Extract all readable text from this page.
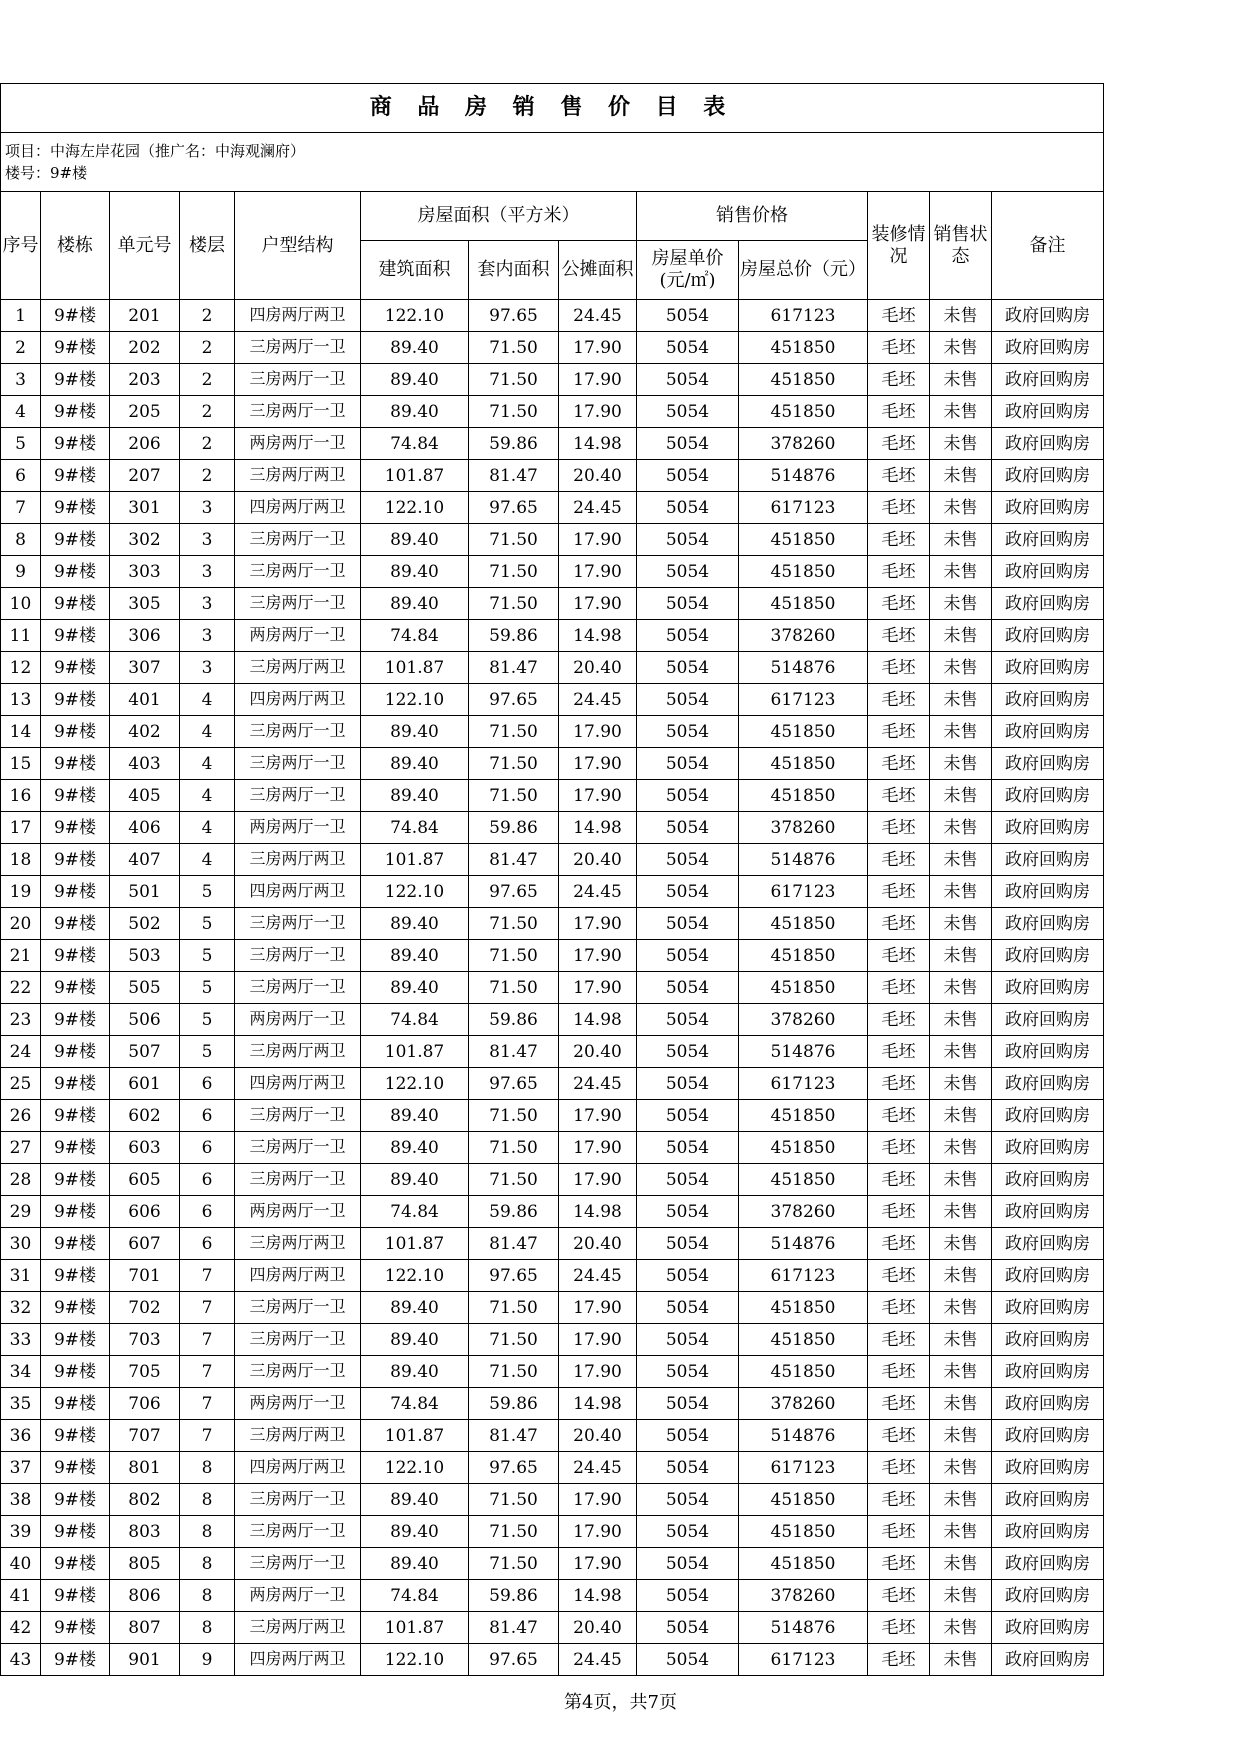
商 品 房 销 售 价 目 表												

项目：中海左岸花园（推广名：中海观澜府）
楼号：9#楼												

序号	楼栋	单元号	楼层	户型结构	房屋面积（平方米）			销售价格		装修情况	销售状态	备注
					建筑面积	套内面积	公摊面积	房屋单价(元/㎡)	房屋总价（元）			
1	9#楼	201	2	四房两厅两卫	122.10	97.65	24.45	5054	617123	毛坯	未售	政府回购房
2	9#楼	202	2	三房两厅一卫	89.40	71.50	17.90	5054	451850	毛坯	未售	政府回购房
3	9#楼	203	2	三房两厅一卫	89.40	71.50	17.90	5054	451850	毛坯	未售	政府回购房
4	9#楼	205	2	三房两厅一卫	89.40	71.50	17.90	5054	451850	毛坯	未售	政府回购房
5	9#楼	206	2	两房两厅一卫	74.84	59.86	14.98	5054	378260	毛坯	未售	政府回购房
6	9#楼	207	2	三房两厅两卫	101.87	81.47	20.40	5054	514876	毛坯	未售	政府回购房
7	9#楼	301	3	四房两厅两卫	122.10	97.65	24.45	5054	617123	毛坯	未售	政府回购房
8	9#楼	302	3	三房两厅一卫	89.40	71.50	17.90	5054	451850	毛坯	未售	政府回购房
9	9#楼	303	3	三房两厅一卫	89.40	71.50	17.90	5054	451850	毛坯	未售	政府回购房
10	9#楼	305	3	三房两厅一卫	89.40	71.50	17.90	5054	451850	毛坯	未售	政府回购房
11	9#楼	306	3	两房两厅一卫	74.84	59.86	14.98	5054	378260	毛坯	未售	政府回购房
12	9#楼	307	3	三房两厅两卫	101.87	81.47	20.40	5054	514876	毛坯	未售	政府回购房
13	9#楼	401	4	四房两厅两卫	122.10	97.65	24.45	5054	617123	毛坯	未售	政府回购房
14	9#楼	402	4	三房两厅一卫	89.40	71.50	17.90	5054	451850	毛坯	未售	政府回购房
15	9#楼	403	4	三房两厅一卫	89.40	71.50	17.90	5054	451850	毛坯	未售	政府回购房
16	9#楼	405	4	三房两厅一卫	89.40	71.50	17.90	5054	451850	毛坯	未售	政府回购房
17	9#楼	406	4	两房两厅一卫	74.84	59.86	14.98	5054	378260	毛坯	未售	政府回购房
18	9#楼	407	4	三房两厅两卫	101.87	81.47	20.40	5054	514876	毛坯	未售	政府回购房
19	9#楼	501	5	四房两厅两卫	122.10	97.65	24.45	5054	617123	毛坯	未售	政府回购房
20	9#楼	502	5	三房两厅一卫	89.40	71.50	17.90	5054	451850	毛坯	未售	政府回购房
21	9#楼	503	5	三房两厅一卫	89.40	71.50	17.90	5054	451850	毛坯	未售	政府回购房
22	9#楼	505	5	三房两厅一卫	89.40	71.50	17.90	5054	451850	毛坯	未售	政府回购房
23	9#楼	506	5	两房两厅一卫	74.84	59.86	14.98	5054	378260	毛坯	未售	政府回购房
24	9#楼	507	5	三房两厅两卫	101.87	81.47	20.40	5054	514876	毛坯	未售	政府回购房
25	9#楼	601	6	四房两厅两卫	122.10	97.65	24.45	5054	617123	毛坯	未售	政府回购房
26	9#楼	602	6	三房两厅一卫	89.40	71.50	17.90	5054	451850	毛坯	未售	政府回购房
27	9#楼	603	6	三房两厅一卫	89.40	71.50	17.90	5054	451850	毛坯	未售	政府回购房
28	9#楼	605	6	三房两厅一卫	89.40	71.50	17.90	5054	451850	毛坯	未售	政府回购房
29	9#楼	606	6	两房两厅一卫	74.84	59.86	14.98	5054	378260	毛坯	未售	政府回购房
30	9#楼	607	6	三房两厅两卫	101.87	81.47	20.40	5054	514876	毛坯	未售	政府回购房
31	9#楼	701	7	四房两厅两卫	122.10	97.65	24.45	5054	617123	毛坯	未售	政府回购房
32	9#楼	702	7	三房两厅一卫	89.40	71.50	17.90	5054	451850	毛坯	未售	政府回购房
33	9#楼	703	7	三房两厅一卫	89.40	71.50	17.90	5054	451850	毛坯	未售	政府回购房
34	9#楼	705	7	三房两厅一卫	89.40	71.50	17.90	5054	451850	毛坯	未售	政府回购房
35	9#楼	706	7	两房两厅一卫	74.84	59.86	14.98	5054	378260	毛坯	未售	政府回购房
36	9#楼	707	7	三房两厅两卫	101.87	81.47	20.40	5054	514876	毛坯	未售	政府回购房
37	9#楼	801	8	四房两厅两卫	122.10	97.65	24.45	5054	617123	毛坯	未售	政府回购房
38	9#楼	802	8	三房两厅一卫	89.40	71.50	17.90	5054	451850	毛坯	未售	政府回购房
39	9#楼	803	8	三房两厅一卫	89.40	71.50	17.90	5054	451850	毛坯	未售	政府回购房
40	9#楼	805	8	三房两厅一卫	89.40	71.50	17.90	5054	451850	毛坯	未售	政府回购房
41	9#楼	806	8	两房两厅一卫	74.84	59.86	14.98	5054	378260	毛坯	未售	政府回购房
42	9#楼	807	8	三房两厅两卫	101.87	81.47	20.40	5054	514876	毛坯	未售	政府回购房
43	9#楼	901	9	四房两厅两卫	122.10	97.65	24.45	5054	617123	毛坯	未售	政府回购房
第4页，共7页
